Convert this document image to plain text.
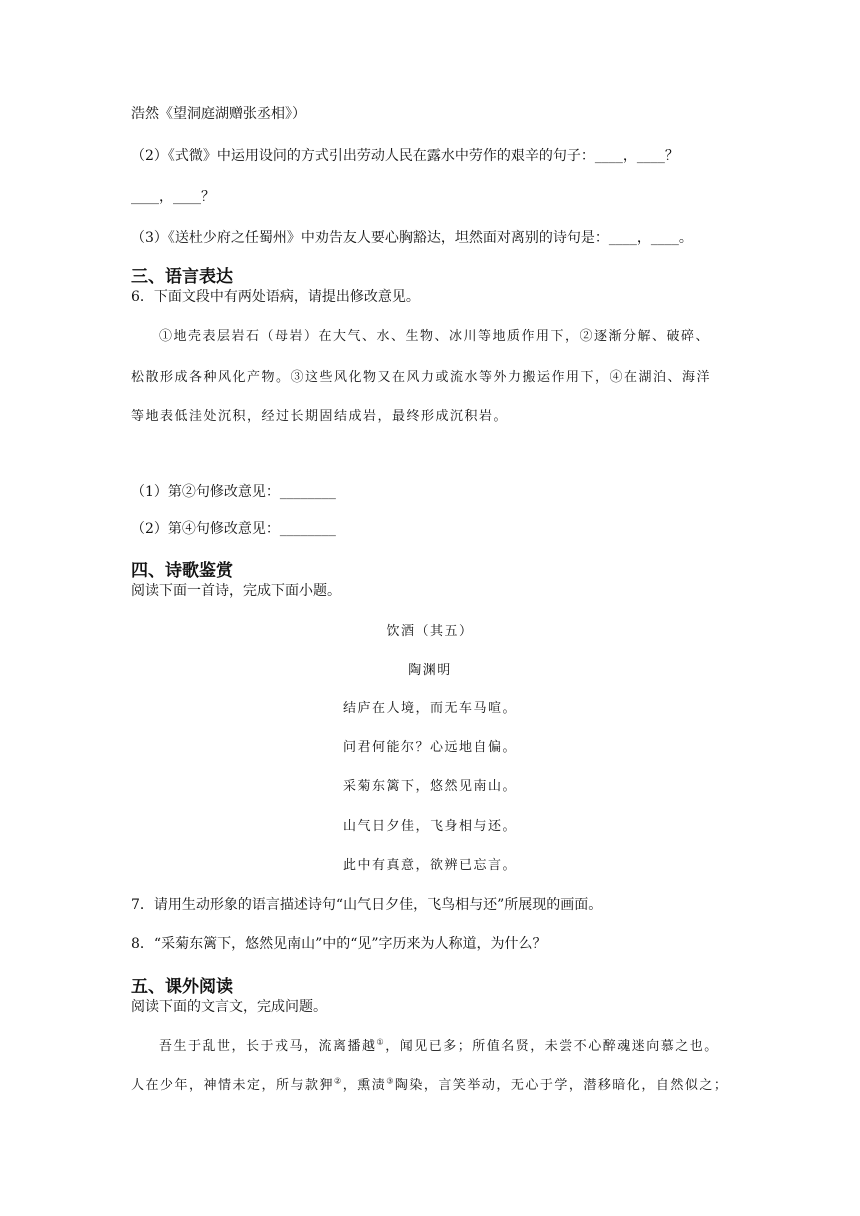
浩然《望洞庭湖赠张丞相》）
（2）《式微》中运用设问的方式引出劳动人民在露水中劳作的艰辛的句子：____，____？
____，____？
（3）《送杜少府之任蜀州》中劝告友人要心胸豁达，坦然面对离别的诗句是：____，____。
三、语言表达
6．下面文段中有两处语病，请提出修改意见。
①地壳表层岩石（母岩）在大气、水、生物、冰川等地质作用下，②逐渐分解、破碎、
松散形成各种风化产物。③这些风化物又在风力或流水等外力搬运作用下，④在湖泊、海洋
等地表低洼处沉积，经过长期固结成岩，最终形成沉积岩。
（1）第②句修改意见：________
（2）第④句修改意见：________
四、诗歌鉴赏
阅读下面一首诗，完成下面小题。
饮酒（其五）
陶渊明
结庐在人境，而无车马喧。
问君何能尔？心远地自偏。
采菊东篱下，悠然见南山。
山气日夕佳，飞身相与还。
此中有真意，欲辨已忘言。
7．请用生动形象的语言描述诗句“山气日夕佳，飞鸟相与还”所展现的画面。
8．“采菊东篱下，悠然见南山”中的“见”字历来为人称道，为什么？
五、课外阅读
阅读下面的文言文，完成问题。
吾生于乱世，长于戎马，流离播越①，闻见已多；所值名贤，未尝不心醉魂迷向慕之也。
人在少年，神情未定，所与款狎②，熏渍③陶染，言笑举动，无心于学，潜移暗化，自然似之；
